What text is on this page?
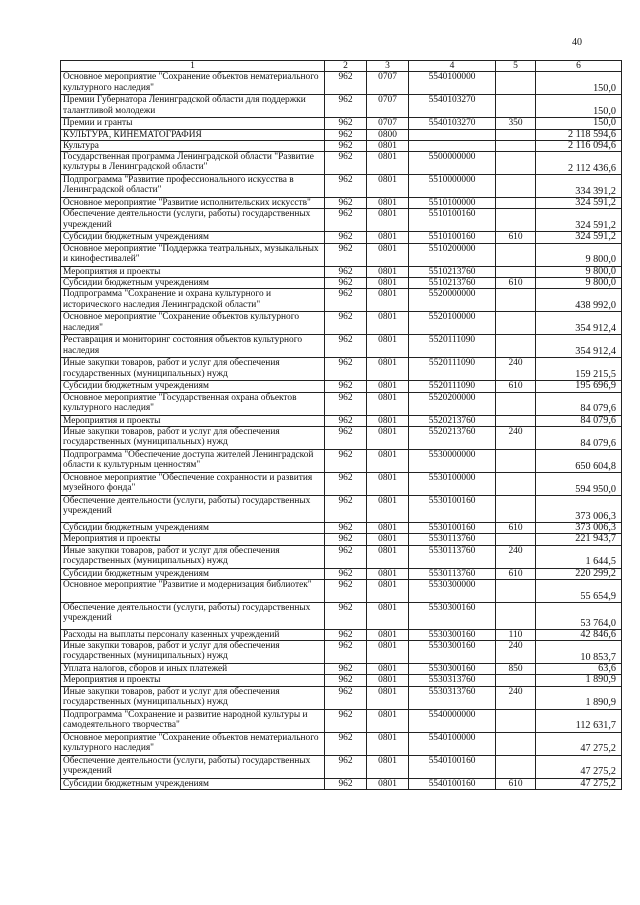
40
1	2	3	4	5	6
Основное мероприятие "Сохранение объектов нематериального культурного наследия"	962	0707	5540100000		150,0
Премии Губернатора Ленинградской области для поддержки талантливой молодежи	962	0707	5540103270		150,0
Премии и гранты	962	0707	5540103270	350	150,0
КУЛЬТУРА, КИНЕМАТОГРАФИЯ	962	0800			2 118 594,6
Культура	962	0801			2 116 094,6
Государственная программа Ленинградской области "Развитие культуры в Ленинградской области"	962	0801	5500000000		2 112 436,6
Подпрограмма "Развитие профессионального искусства в Ленинградской области"	962	0801	5510000000		334 391,2
Основное мероприятие "Развитие исполнительских искусств"	962	0801	5510100000		324 591,2
Обеспечение деятельности (услуги, работы) государственных учреждений	962	0801	5510100160		324 591,2
Субсидии бюджетным учреждениям	962	0801	5510100160	610	324 591,2
Основное мероприятие "Поддержка театральных, музыкальных и кинофестивалей"	962	0801	5510200000		9 800,0
Мероприятия и проекты	962	0801	5510213760		9 800,0
Субсидии бюджетным учреждениям	962	0801	5510213760	610	9 800,0
Подпрограмма "Сохранение и охрана культурного и исторического наследия Ленинградской области"	962	0801	5520000000		438 992,0
Основное мероприятие "Сохранение объектов культурного наследия"	962	0801	5520100000		354 912,4
Реставрация и мониторинг состояния объектов культурного наследия	962	0801	5520111090		354 912,4
Иные закупки товаров, работ и услуг для обеспечения государственных (муниципальных) нужд	962	0801	5520111090	240	159 215,5
Субсидии бюджетным учреждениям	962	0801	5520111090	610	195 696,9
Основное мероприятие "Государственная охрана объектов культурного наследия"	962	0801	5520200000		84 079,6
Мероприятия и проекты	962	0801	5520213760		84 079,6
Иные закупки товаров, работ и услуг для обеспечения государственных (муниципальных) нужд	962	0801	5520213760	240	84 079,6
Подпрограмма "Обеспечение доступа жителей Ленинградской области к культурным ценностям"	962	0801	5530000000		650 604,8
Основное мероприятие "Обеспечение сохранности и развития музейного фонда"	962	0801	5530100000		594 950,0
Обеспечение деятельности (услуги, работы) государственных учреждений	962	0801	5530100160		373 006,3
Субсидии бюджетным учреждениям	962	0801	5530100160	610	373 006,3
Мероприятия и проекты	962	0801	5530113760		221 943,7
Иные закупки товаров, работ и услуг для обеспечения государственных (муниципальных) нужд	962	0801	5530113760	240	1 644,5
Субсидии бюджетным учреждениям	962	0801	5530113760	610	220 299,2
Основное мероприятие "Развитие и модернизация библиотек"	962	0801	5530300000		55 654,9
Обеспечение деятельности (услуги, работы) государственных учреждений	962	0801	5530300160		53 764,0
Расходы на выплаты персоналу казенных учреждений	962	0801	5530300160	110	42 846,6
Иные закупки товаров, работ и услуг для обеспечения государственных (муниципальных) нужд	962	0801	5530300160	240	10 853,7
Уплата налогов, сборов и иных платежей	962	0801	5530300160	850	63,6
Мероприятия и проекты	962	0801	5530313760		1 890,9
Иные закупки товаров, работ и услуг для обеспечения государственных (муниципальных) нужд	962	0801	5530313760	240	1 890,9
Подпрограмма "Сохранение и развитие народной культуры и самодеятельного творчества"	962	0801	5540000000		112 631,7
Основное мероприятие "Сохранение объектов нематериального культурного наследия"	962	0801	5540100000		47 275,2
Обеспечение деятельности (услуги, работы) государственных учреждений	962	0801	5540100160		47 275,2
Субсидии бюджетным учреждениям	962	0801	5540100160	610	47 275,2
